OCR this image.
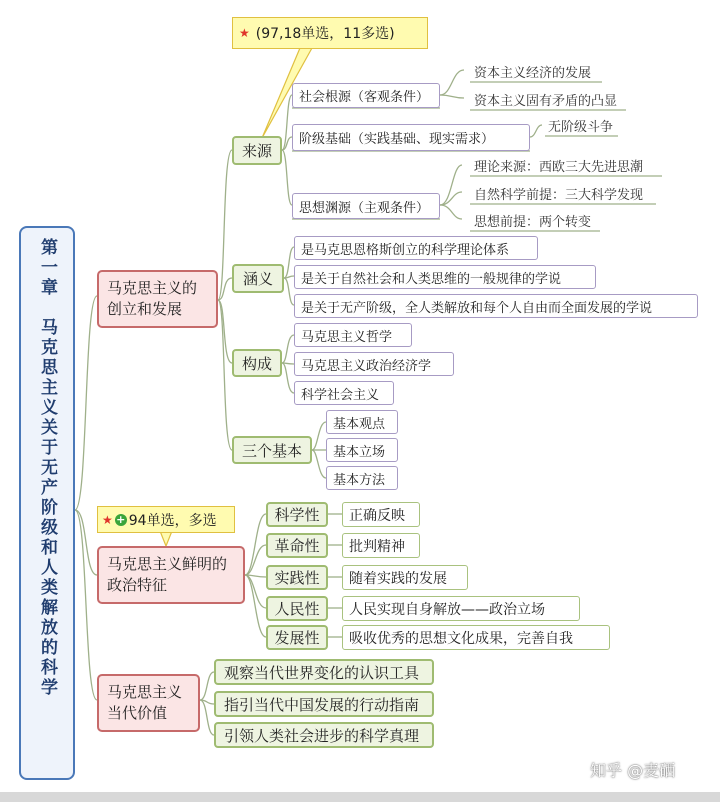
第一章　马克思主义关于无产阶级和人类解放的科学
★ (97,18单选，11多选)
★ + 94单选，多选
马克思主义的创立和发展
来源
社会根源（客观条件）
资本主义经济的发展
资本主义固有矛盾的凸显
阶级基础（实践基础、现实需求）
无阶级斗争
思想渊源（主观条件）
理论来源：西欧三大先进思潮
自然科学前提：三大科学发现
思想前提：两个转变
涵义
是马克思恩格斯创立的科学理论体系
是关于自然社会和人类思维的一般规律的学说
是关于无产阶级，全人类解放和每个人自由而全面发展的学说
构成
马克思主义哲学
马克思主义政治经济学
科学社会主义
三个基本
基本观点
基本立场
基本方法
马克思主义鲜明的政治特征
科学性
革命性
实践性
人民性
发展性
正确反映
批判精神
随着实践的发展
人民实现自身解放——政治立场
吸收优秀的思想文化成果，完善自我
马克思主义当代价值
观察当代世界变化的认识工具
指引当代中国发展的行动指南
引领人类社会进步的科学真理
知乎 @麦硒
